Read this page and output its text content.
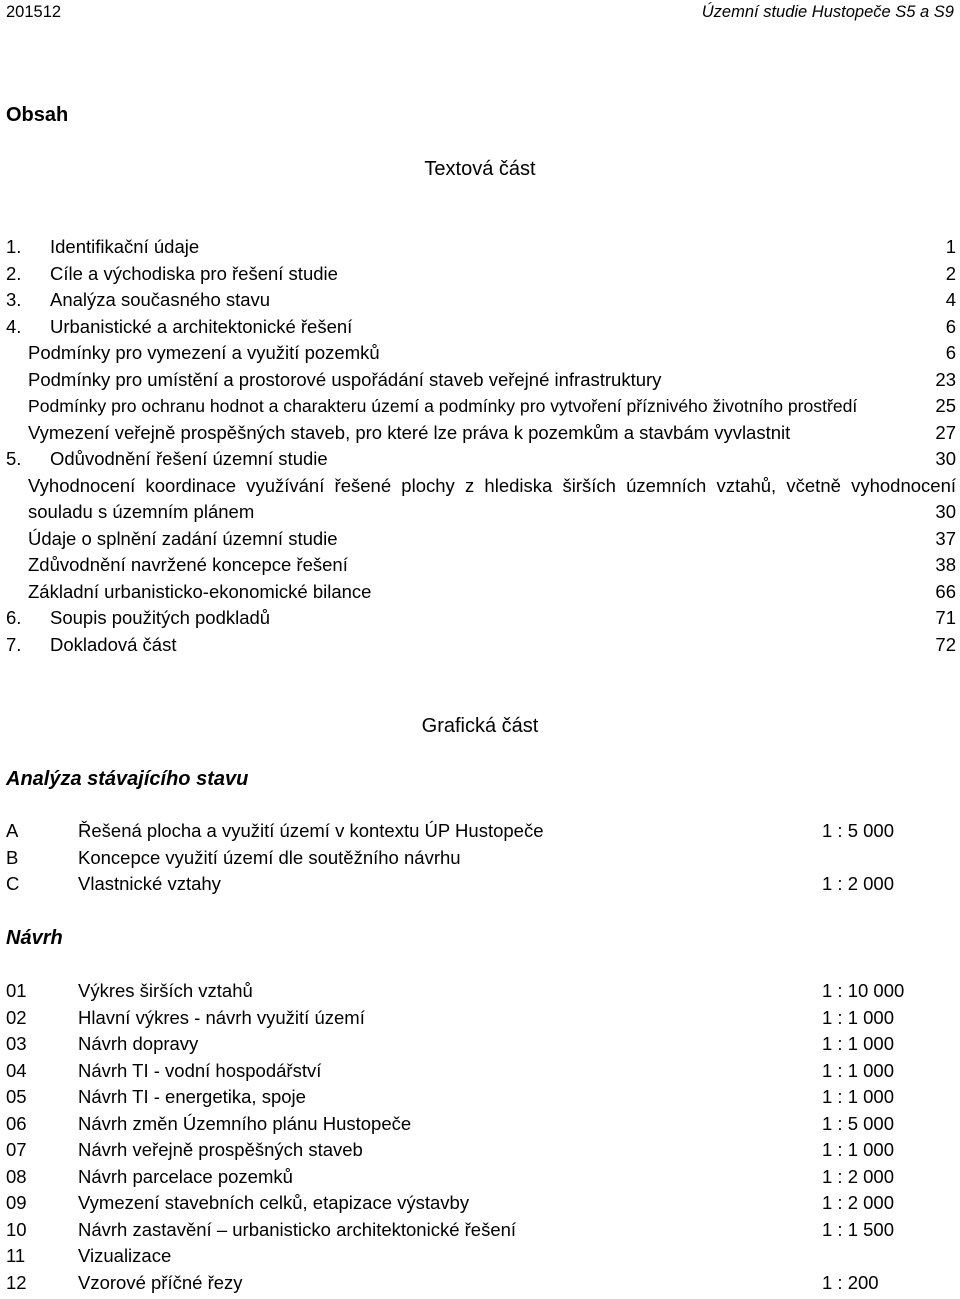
201512	Územní studie Hustopeče S5 a S9
Obsah
Textová část
1. Identifikační údaje	1
2. Cíle a východiska pro řešení studie	2
3. Analýza současného stavu	4
4. Urbanistické a architektonické řešení	6
Podmínky pro vymezení a využití pozemků	6
Podmínky pro umístění a prostorové uspořádání staveb veřejné infrastruktury	23
Podmínky pro ochranu hodnot a charakteru území a podmínky pro vytvoření příznivého životního prostředí	25
Vymezení veřejně prospěšných staveb, pro které lze práva k pozemkům a stavbám vyvlastnit	27
5. Odůvodnění řešení územní studie	30
Vyhodnocení koordinace využívání řešené plochy z hlediska širších územních vztahů, včetně vyhodnocení
souladu s územním plánem	30
Údaje o splnění zadání územní studie	37
Zdůvodnění navržené koncepce řešení	38
Základní urbanisticko-ekonomické bilance	66
6. Soupis použitých podkladů	71
7. Dokladová část	72
Grafická část
Analýza stávajícího stavu
A	Řešená plocha a využití území v kontextu ÚP Hustopeče	1 : 5 000
B	Koncepce využití území dle soutěžního návrhu
C	Vlastnické vztahy	1 : 2 000
Návrh
01	Výkres širších vztahů	1 : 10 000
02	Hlavní výkres - návrh využití území	1 : 1 000
03	Návrh dopravy	1 : 1 000
04	Návrh TI - vodní hospodářství	1 : 1 000
05	Návrh TI - energetika, spoje	1 : 1 000
06	Návrh změn Územního plánu Hustopeče	1 : 5 000
07	Návrh veřejně prospěšných staveb	1 : 1 000
08	Návrh parcelace pozemků	1 : 2 000
09	Vymezení stavebních celků, etapizace výstavby	1 : 2 000
10	Návrh zastavění – urbanisticko architektonické řešení	1 : 1 500
11	Vizualizace
12	Vzorové příčné řezy	1 : 200
